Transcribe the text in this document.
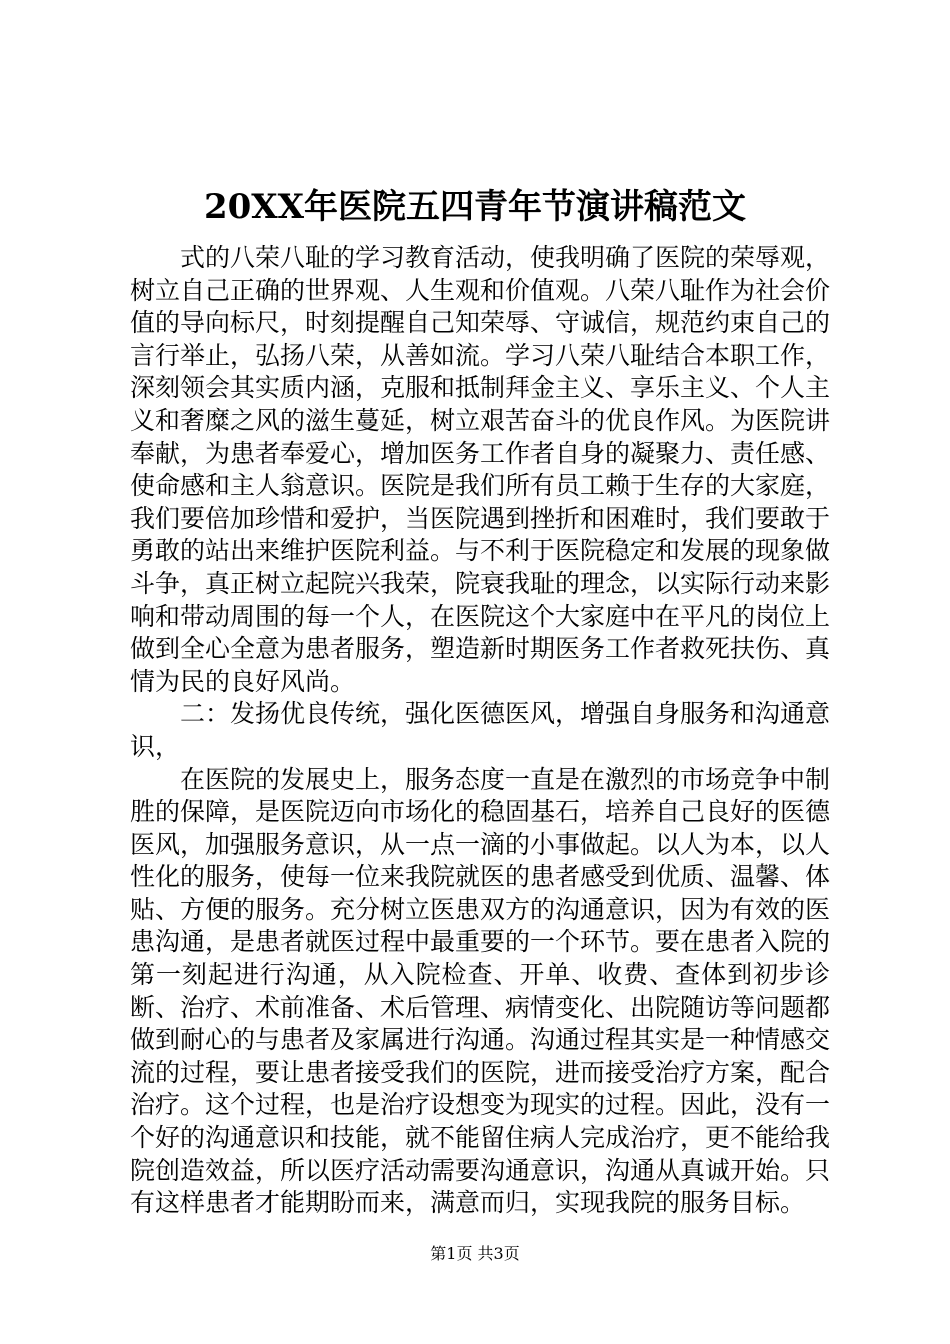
20XX年医院五四青年节演讲稿范文

式的八荣八耻的学习教育活动，使我明确了医院的荣辱观，树立自己正确的世界观、人生观和价值观。八荣八耻作为社会价值的导向标尺，时刻提醒自己知荣辱、守诚信，规范约束自己的言行举止，弘扬八荣，从善如流。学习八荣八耻结合本职工作，深刻领会其实质内涵，克服和抵制拜金主义、享乐主义、个人主义和奢糜之风的滋生蔓延，树立艰苦奋斗的优良作风。为医院讲奉献，为患者奉爱心，增加医务工作者自身的凝聚力、责任感、使命感和主人翁意识。医院是我们所有员工赖于生存的大家庭，我们要倍加珍惜和爱护，当医院遇到挫折和困难时，我们要敢于勇敢的站出来维护医院利益。与不利于医院稳定和发展的现象做斗争，真正树立起院兴我荣，院衰我耻的理念，以实际行动来影响和带动周围的每一个人，在医院这个大家庭中在平凡的岗位上做到全心全意为患者服务，塑造新时期医务工作者救死扶伤、真情为民的良好风尚。

二：发扬优良传统，强化医德医风，增强自身服务和沟通意识，

在医院的发展史上，服务态度一直是在激烈的市场竞争中制胜的保障，是医院迈向市场化的稳固基石，培养自己良好的医德医风，加强服务意识，从一点一滴的小事做起。以人为本，以人性化的服务，使每一位来我院就医的患者感受到优质、温馨、体贴、方便的服务。充分树立医患双方的沟通意识，因为有效的医患沟通，是患者就医过程中最重要的一个环节。要在患者入院的第一刻起进行沟通，从入院检查、开单、收费、查体到初步诊断、治疗、术前准备、术后管理、病情变化、出院随访等问题都做到耐心的与患者及家属进行沟通。沟通过程其实是一种情感交流的过程，要让患者接受我们的医院，进而接受治疗方案，配合治疗。这个过程，也是治疗设想变为现实的过程。因此，没有一个好的沟通意识和技能，就不能留住病人完成治疗，更不能给我院创造效益，所以医疗活动需要沟通意识，沟通从真诚开始。只有这样患者才能期盼而来，满意而归，实现我院的服务目标。

第1页 共3页
